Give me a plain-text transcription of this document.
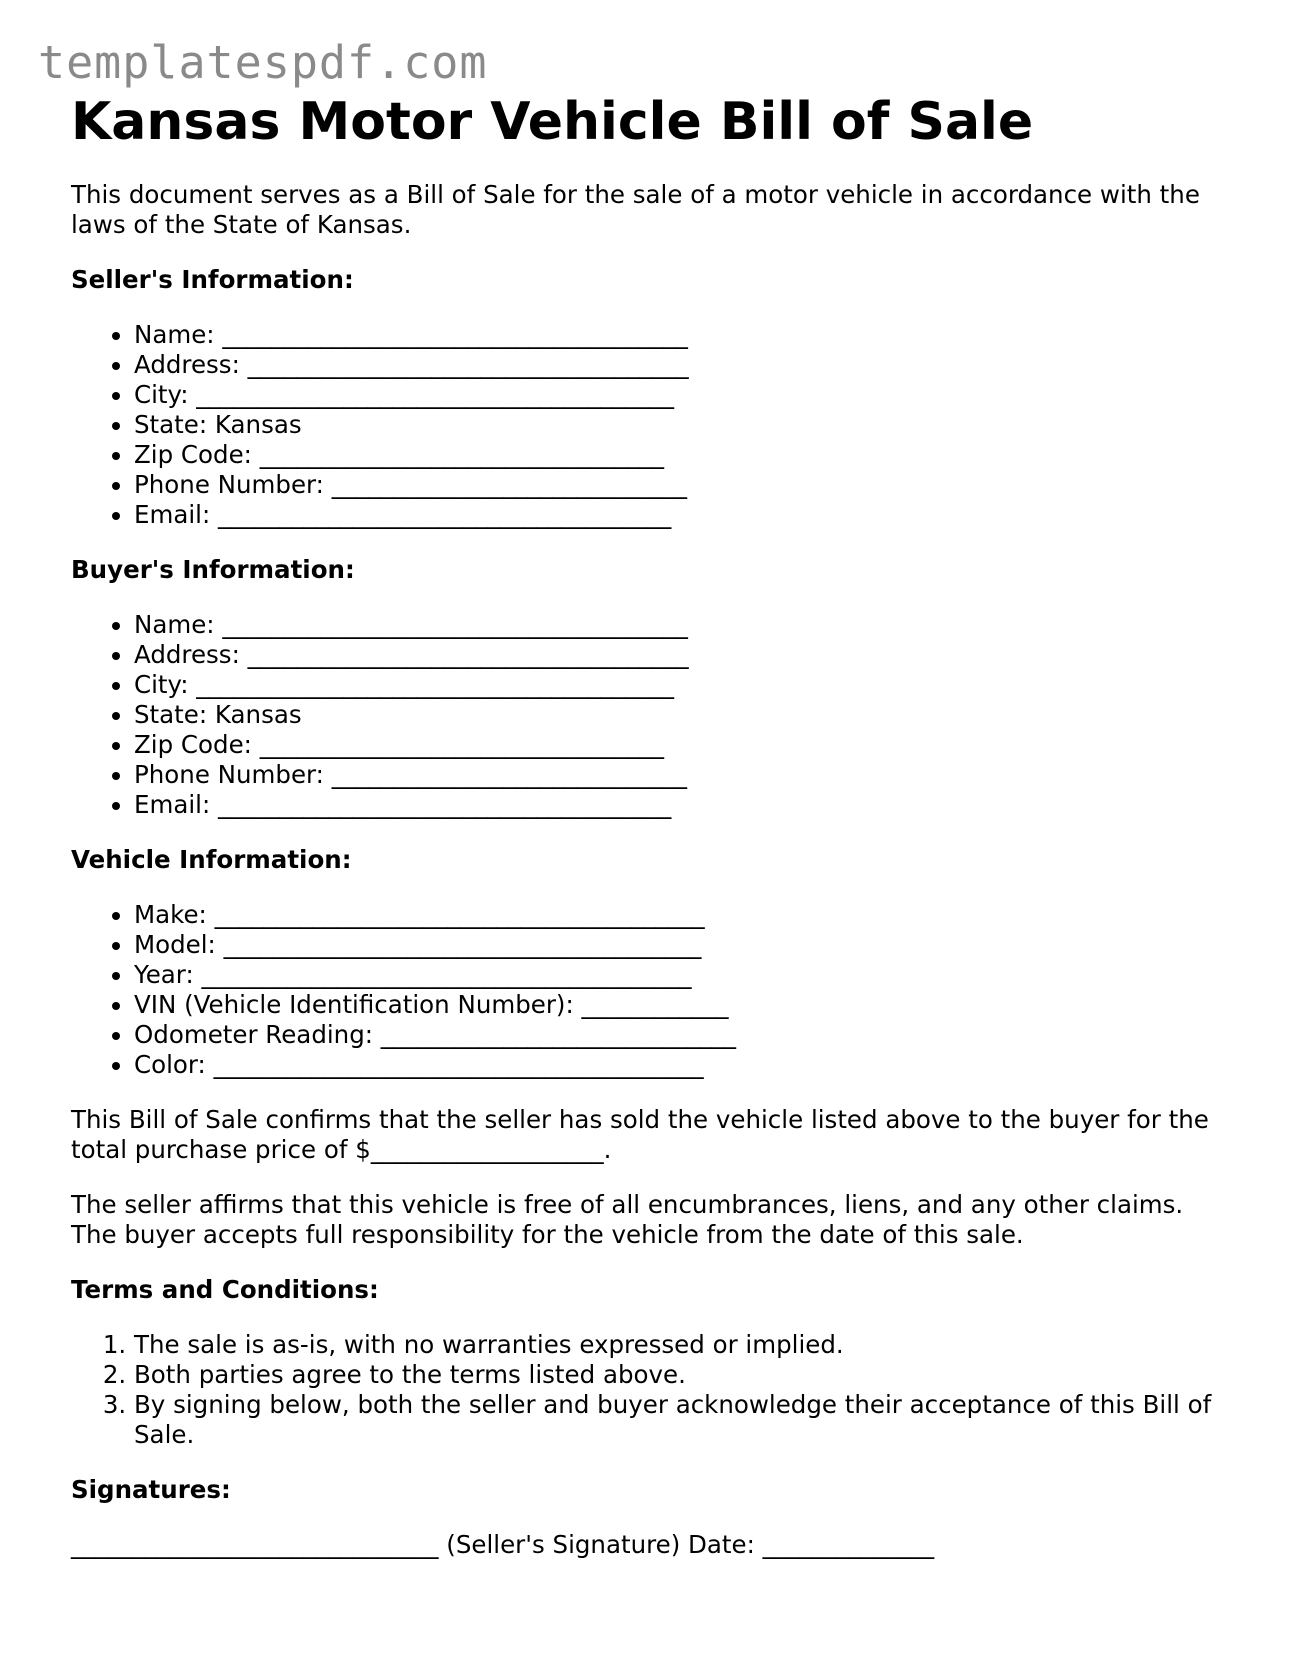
templatespdf.com
Kansas Motor Vehicle Bill of Sale

This document serves as a Bill of Sale for the sale of a motor vehicle in accordance with the laws of the State of Kansas.

Seller's Information:

• Name: ______________________________________
• Address: ____________________________________
• City: _______________________________________
• State: Kansas
• Zip Code: _________________________________
• Phone Number: _____________________________
• Email: _____________________________________

Buyer's Information:

• Name: ______________________________________
• Address: ____________________________________
• City: _______________________________________
• State: Kansas
• Zip Code: _________________________________
• Phone Number: _____________________________
• Email: _____________________________________

Vehicle Information:

• Make: ________________________________________
• Model: _______________________________________
• Year: ________________________________________
• VIN (Vehicle Identification Number): ____________
• Odometer Reading: _____________________________
• Color: ________________________________________

This Bill of Sale confirms that the seller has sold the vehicle listed above to the buyer for the total purchase price of $___________________.

The seller affirms that this vehicle is free of all encumbrances, liens, and any other claims. The buyer accepts full responsibility for the vehicle from the date of this sale.

Terms and Conditions:

1. The sale is as-is, with no warranties expressed or implied.
2. Both parties agree to the terms listed above.
3. By signing below, both the seller and buyer acknowledge their acceptance of this Bill of Sale.

Signatures:

______________________________ (Seller's Signature) Date: ______________
